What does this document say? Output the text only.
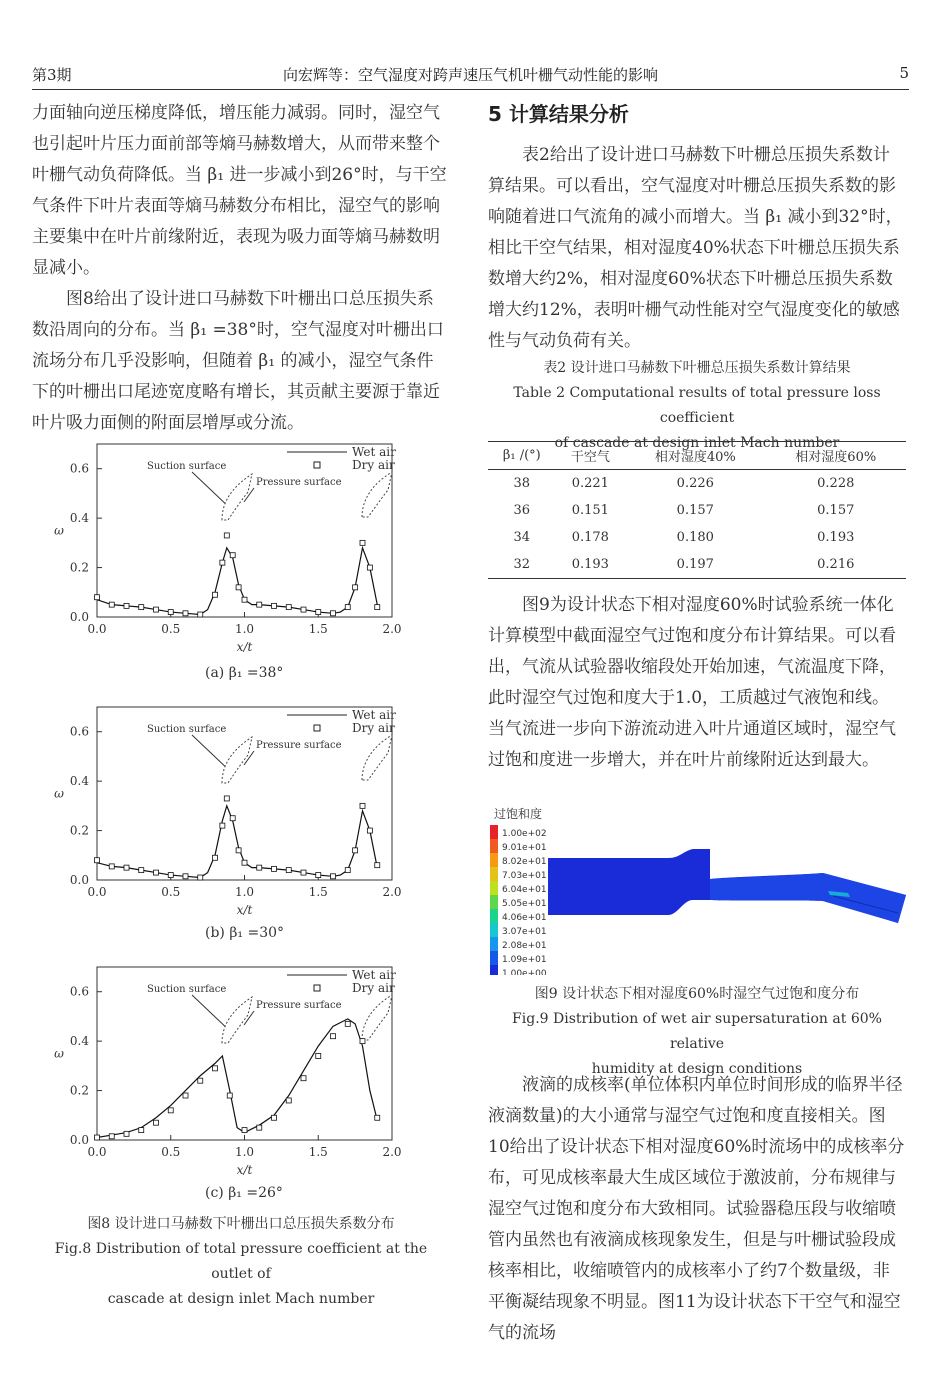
第3期	向宏辉等：空气湿度对跨声速压气机叶栅气动性能的影响	5

力面轴向逆压梯度降低，增压能力减弱。同时，湿空气也引起叶片压力面前部等熵马赫数增大，从而带来整个叶栅气动负荷降低。当 β₁ 进一步减小到26°时，与干空气条件下叶片表面等熵马赫数分布相比，湿空气的影响主要集中在叶片前缘附近，表现为吸力面等熵马赫数明显减小。

图8给出了设计进口马赫数下叶栅出口总压损失系数沿周向的分布。当 β₁ =38°时，空气湿度对叶栅出口流场分布几乎没影响，但随着 β₁ 的减小，湿空气条件下的叶栅出口尾迹宽度略有增长，其贡献主要源于靠近叶片吸力面侧的附面层增厚或分流。

0.0	0.5	1.0	1.5	2.0
0.0
0.2
0.4
0.6
x/t
ω
Wet air
Dry air
Suction surface
Pressure surface
(a) β₁ =38°
0.0	0.5	1.0	1.5	2.0
0.0
0.2
0.4
0.6
x/t
ω
Wet air
Dry air
Suction surface
Pressure surface
(b) β₁ =30°
0.0	0.5	1.0	1.5	2.0
0.0
0.2
0.4
0.6
x/t
ω
Wet air
Dry air
Suction surface
Pressure surface
(c) β₁ =26°
图8 设计进口马赫数下叶栅出口总压损失系数分布
Fig.8 Distribution of total pressure coefficient at the outlet of
cascade at design inlet Mach number
5 计算结果分析

表2给出了设计进口马赫数下叶栅总压损失系数计算结果。可以看出，空气湿度对叶栅总压损失系数的影响随着进口气流角的减小而增大。当 β₁ 减小到32°时，相比干空气结果，相对湿度40%状态下叶栅总压损失系数增大约2%，相对湿度60%状态下叶栅总压损失系数增大约12%，表明叶栅气动性能对空气湿度变化的敏感性与气动负荷有关。

表2 设计进口马赫数下叶栅总压损失系数计算结果
Table 2 Computational results of total pressure loss coefficient
of cascade at design inlet Mach number
β₁ /(°)	干空气	相对湿度40%	相对湿度60%
38	0.221	0.226	0.228
36	0.151	0.157	0.157
34	0.178	0.180	0.193
32	0.193	0.197	0.216

图9为设计状态下相对湿度60%时试验系统一体化计算模型中截面湿空气过饱和度分布计算结果。可以看出，气流从试验器收缩段处开始加速，气流温度下降，此时湿空气过饱和度大于1.0，工质越过气液饱和线。当气流进一步向下游流动进入叶片通道区域时，湿空气过饱和度进一步增大，并在叶片前缘附近达到最大。

过饱和度
1.00e+02
9.01e+01
8.02e+01
7.03e+01
6.04e+01
5.05e+01
4.06e+01
3.07e+01
2.08e+01
1.09e+01
1.00e+00
图9 设计状态下相对湿度60%时湿空气过饱和度分布
Fig.9 Distribution of wet air supersaturation at 60% relative
humidity at design conditions

液滴的成核率(单位体积内单位时间形成的临界半径液滴数量)的大小通常与湿空气过饱和度直接相关。图10给出了设计状态下相对湿度60%时流场中的成核率分布，可见成核率最大生成区域位于激波前，分布规律与湿空气过饱和度分布大致相同。试验器稳压段与收缩喷管内虽然也有液滴成核现象发生，但是与叶栅试验段成核率相比，收缩喷管内的成核率小了约7个数量级，非平衡凝结现象不明显。图11为设计状态下干空气和湿空气的流场
